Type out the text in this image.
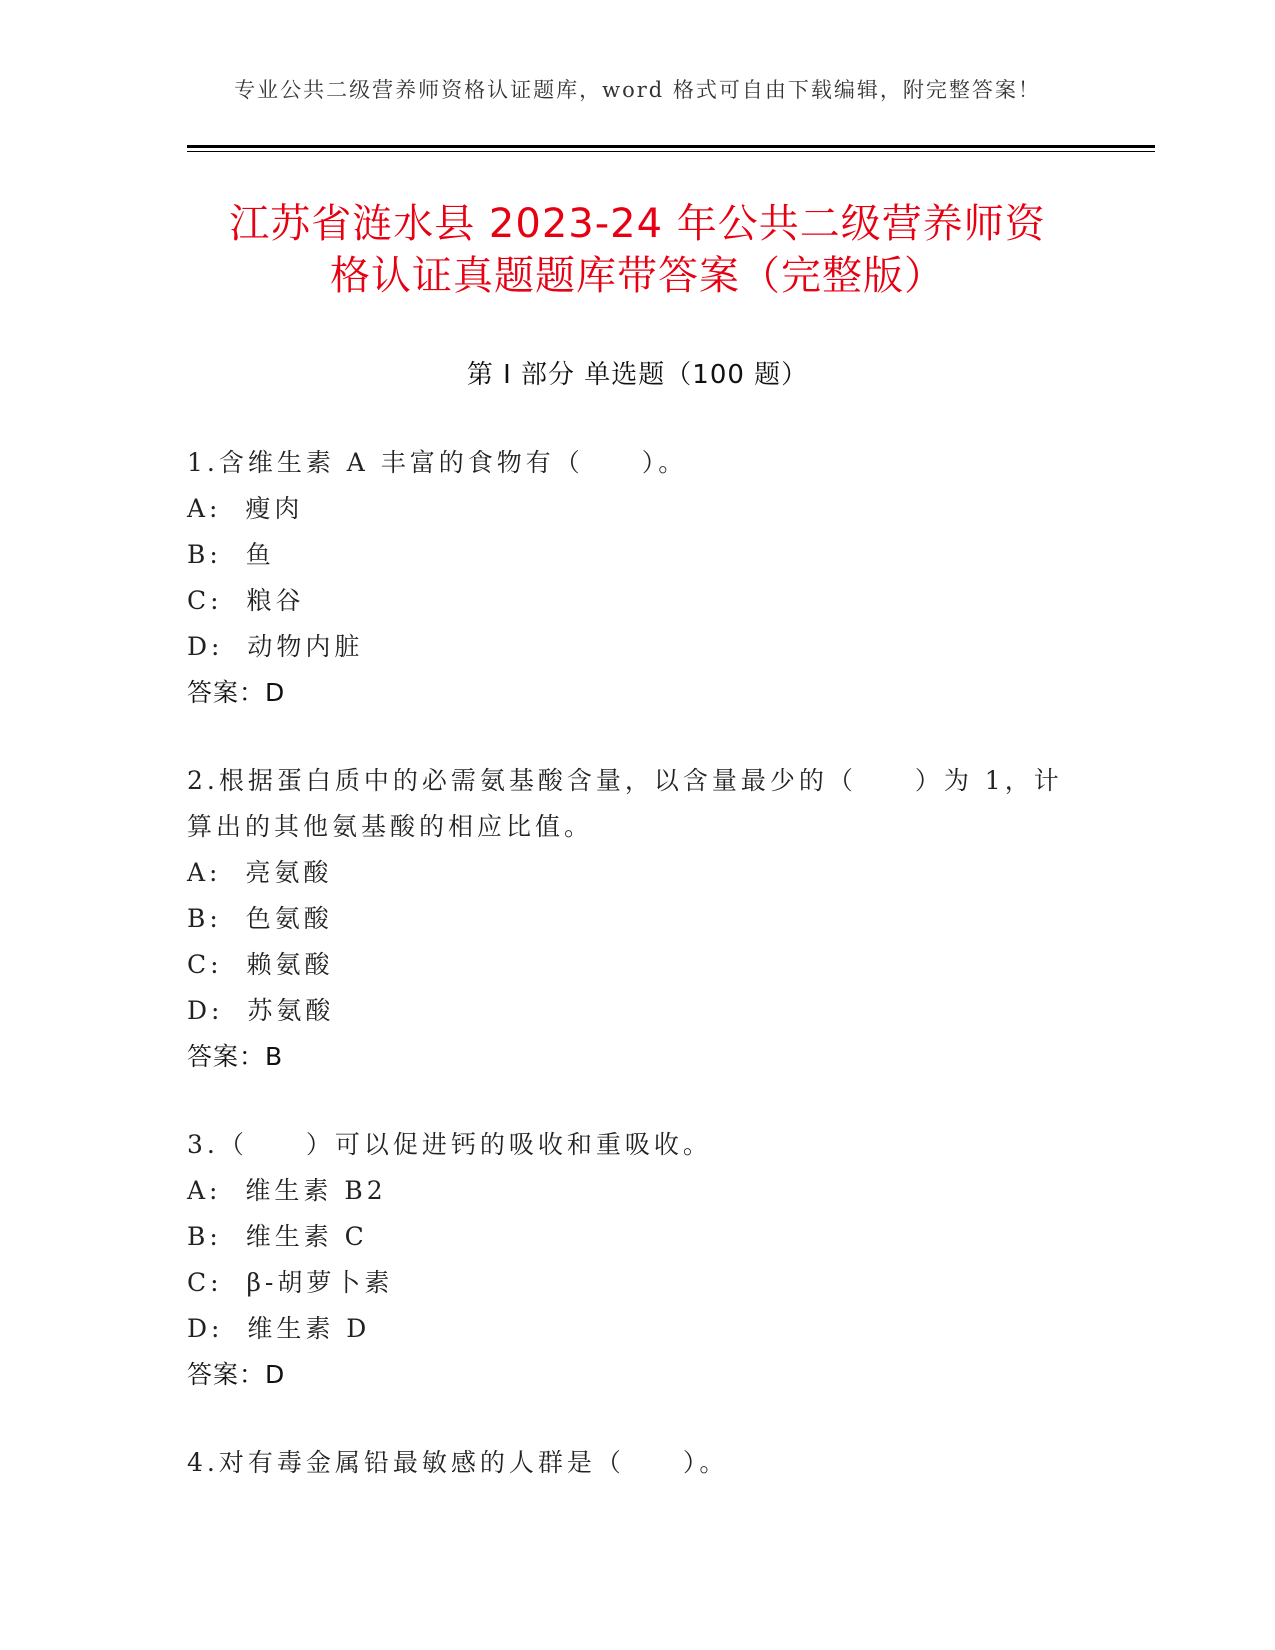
专业公共二级营养师资格认证题库，word 格式可自由下载编辑，附完整答案！
江苏省涟水县 2023-24 年公共二级营养师资
格认证真题题库带答案（完整版）
第 I 部分 单选题（100 题）

1.含维生素 A 丰富的食物有（　　）。

A:  瘦肉

B:  鱼

C:  粮谷

D:  动物内脏

答案：D

2.根据蛋白质中的必需氨基酸含量，以含量最少的（　　）为 1，计算出的其他氨基酸的相应比值。

A:  亮氨酸

B:  色氨酸

C:  赖氨酸

D:  苏氨酸

答案：B

3.（　　）可以促进钙的吸收和重吸收。

A:  维生素 B2

B:  维生素 C

C:  β-胡萝卜素

D:  维生素 D

答案：D

4.对有毒金属铅最敏感的人群是（　　）。
